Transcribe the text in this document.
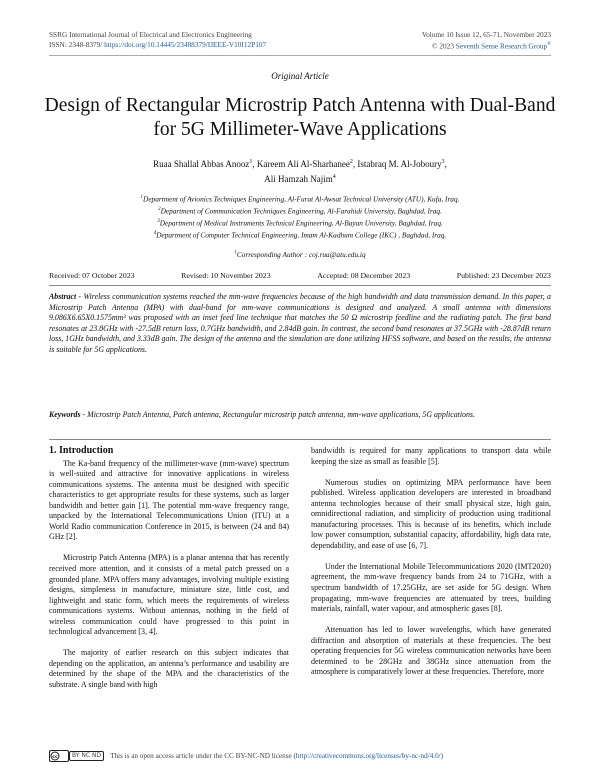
SSRG International Journal of Electrical and Electronics Engineering
ISSN: 2348-8379/ https://doi.org/10.14445/23488379/IJEEE-V10I12P107
Volume 10 Issue 12, 65-71, November 2023
© 2023 Seventh Sense Research Group®
Original Article
Design of Rectangular Microstrip Patch Antenna with Dual-Band for 5G Millimeter-Wave Applications
Ruaa Shallal Abbas Anooz$^1$, Kareem Ali Al-Sharhanee$^2$, Istabraq M. Al-Joboury$^3$,
Ali Hamzah Najim$^4$
$^1$Department of Avionics Techniques Engineering, Al-Furat Al-Awsat Technical University (ATU), Kufa, Iraq.
$^2$Department of Communication Techniques Engineering, Al-Farahidi University, Baghdad, Iraq.
$^3$Department of Medical Instruments Technical Engineering, Al-Bayan University, Baghdad, Iraq.
$^4$Department of Computer Technical Engineering, Imam Al-Kadhum College (IKC) , Baghdad, Iraq.
$^1$Corresponding Author : coj.rua@atu.edu.iq
Received: 07 October 2023	Revised: 10 November 2023	Accepted: 08 December 2023	Published: 23 December 2023
Abstract - Wireless communication systems reached the mm-wave frequencies because of the high bandwidth and data transmission demand. In this paper, a Microstrip Patch Antenna (MPA) with dual-band for mm-wave communications is designed and analyzed. A small antenna with dimensions 9.086X6.65X0.1575mm³ was proposed with an inset feed line technique that matches the 50 Ω microstrip feedline and the radiating patch. The first band resonates at 23.8GHz with -27.5dB return loss, 0.7GHz bandwidth, and 2.84dB gain. In contrast, the second band resonates at 37.5GHz with -28.87dB return loss, 1GHz bandwidth, and 3.33dB gain. The design of the antenna and the simulation are done utilizing HFSS software, and based on the results, the antenna is suitable for 5G applications.
Keywords - Microstrip Patch Antenna, Patch antenna, Rectangular microstrip patch antenna, mm-wave applications, 5G applications.
1. Introduction

The Ka-band frequency of the millimeter-wave (mm-wave) spectrum is well-suited and attractive for innovative applications in wireless communications systems. The antenna must be designed with specific characteristics to get appropriate results for these systems, such as larger bandwidth and better gain [1]. The potential mm-wave frequency range, unpacked by the International Telecommunications Union (ITU) at a World Radio communication Conference in 2015, is between (24 and 84) GHz [2].

Microstrip Patch Antenna (MPA) is a planar antenna that has recently received more attention, and it consists of a metal patch pressed on a grounded plane. MPA offers many advantages, involving multiple existing designs, simpleness in manufacture, miniature size, little cost, and lightweight and static form, which meets the requirements of wireless communications systems. Without antennas, nothing in the field of wireless communication could have progressed to this point in technological advancement [3, 4].

The majority of earlier research on this subject indicates that depending on the application, an antenna’s performance and usability are determined by the shape of the MPA and the characteristics of the substrate. A single band with high

bandwidth is required for many applications to transport data while keeping the size as small as feasible [5].

Numerous studies on optimizing MPA performance have been published. Wireless application developers are interested in broadband antenna technologies because of their small physical size, high gain, omnidirectional radiation, and simplicity of production using traditional manufacturing processes. This is because of its benefits, which include low power consumption, substantial capacity, affordability, high data rate, dependability, and ease of use [6, 7].

Under the International Mobile Telecommunications 2020 (IMT2020) agreement, the mm-wave frequency bands from 24 to 71GHz, with a spectrum bandwidth of 17.25GHz, are set aside for 5G design. When propagating, mm-wave frequencies are attenuated by trees, building materials, rainfall, water vapour, and atmospheric gases [8].

Attenuation has led to lower wavelengths, which have generated diffraction and absorption of materials at these frequencies. The best operating frequencies for 5G wireless communication networks have been determined to be 28GHz and 38GHz since attenuation from the atmosphere is comparatively lower at these frequencies. Therefore, more

cc	BY NC ND	This is an open access article under the CC BY-NC-ND license (http://creativecommons.org/licenses/by-nc-nd/4.0/)
